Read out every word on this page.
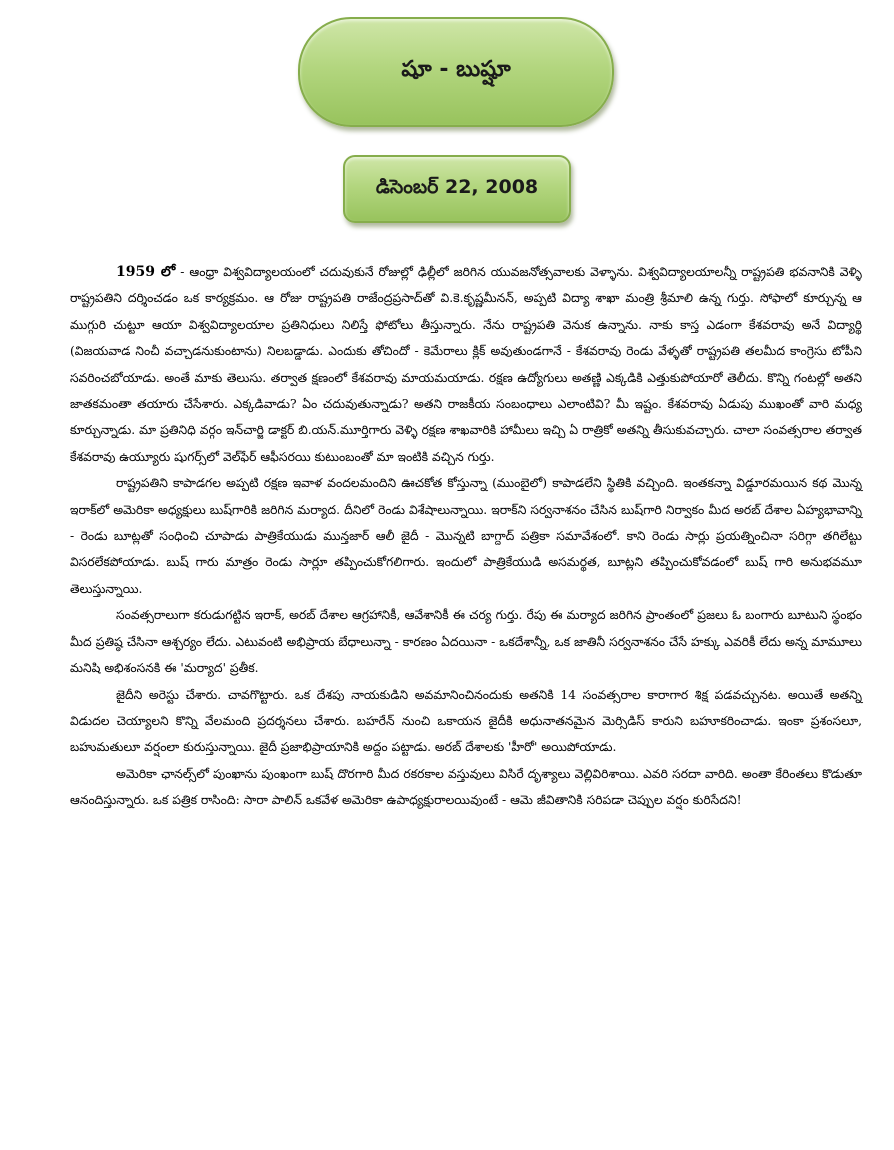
షూ - బుష్షూ
డిసెంబర్ 22, 2008

1959 లో - ఆంధ్రా విశ్వవిద్యాలయంలో చదువుకునే రోజుల్లో ఢిల్లీలో జరిగిన యువజనోత్సవాలకు వెళ్ళాను. విశ్వవిద్యాలయాలన్నీ రాష్ట్రపతి భవనానికి వెళ్ళి రాష్ట్రపతిని దర్శించడం ఒక కార్యక్రమం. ఆ రోజు రాష్ట్రపతి రాజేంద్రప్రసాద్‌తో వి.కె.కృష్ణమీనన్, అప్పటి విద్యా శాఖా మంత్రి శ్రీమాలి ఉన్న గుర్తు. సోఫాలో కూర్చున్న ఆ ముగ్గురి చుట్టూ ఆయా విశ్వవిద్యాలయాల ప్రతినిధులు నిలిస్తే ఫోటోలు తీస్తున్నారు. నేను రాష్ట్రపతి వెనుక ఉన్నాను. నాకు కాస్త ఎడంగా కేశవరావు అనే విద్యార్థి (విజయవాడ నించీ వచ్చాడనుకుంటాను) నిలబడ్డాడు. ఎందుకు తోచిందో - కెమేరాలు క్లిక్ అవుతుండగానే - కేశవరావు రెండు వేళ్ళతో రాష్ట్రపతి తలమీద కాంగ్రెసు టోపీని సవరించబోయాడు. అంతే మాకు తెలుసు. తర్వాత క్షణంలో కేశవరావు మాయమయాడు. రక్షణ ఉద్యోగులు అతణ్ణి ఎక్కడికి ఎత్తుకుపోయారో తెలీదు. కొన్ని గంటల్లో అతని జాతకమంతా తయారు చేసేశారు. ఎక్కడివాడు? ఏం చదువుతున్నాడు? అతని రాజకీయ సంబంధాలు ఎలాంటివి? మీ ఇష్టం. కేశవరావు ఏడుపు ముఖంతో వారి మధ్య కూర్చున్నాడు. మా ప్రతినిధి వర్గం ఇన్‌చార్జి డాక్టర్ బి.యన్.మూర్తిగారు వెళ్ళి రక్షణ శాఖవారికి హామీలు ఇచ్చి ఏ రాత్రికో అతన్ని తీసుకువచ్చారు. చాలా సంవత్సరాల తర్వాత కేశవరావు ఉయ్యూరు షుగర్స్‌లో వెల్‌ఫేర్ ఆఫీసరయి కుటుంబంతో మా ఇంటికి వచ్చిన గుర్తు.

రాష్ట్రపతిని కాపాడగల అప్పటి రక్షణ ఇవాళ వందలమందిని ఊచకోత కోస్తున్నా (ముంబైలో) కాపాడలేని స్థితికి వచ్చింది. ఇంతకన్నా విడ్డూరమయిన కథ మొన్న ఇరాక్‌లో అమెరికా అధ్యక్షులు బుష్‌గారికి జరిగిన మర్యాద. దీనిలో రెండు విశేషాలున్నాయి. ఇరాక్‌ని సర్వనాశనం చేసిన బుష్‌గారి నిర్వాకం మీద అరబ్ దేశాల ఏహ్యభావాన్ని - రెండు బూట్లతో సంధించి చూపాడు పాత్రికేయుడు మున్తజార్ ఆలీ జైదీ - మొన్నటి బాగ్దాద్ పత్రికా సమావేశంలో. కాని రెండు సార్లు ప్రయత్నించినా సరిగ్గా తగిలేట్టు విసరలేకపోయాడు. బుష్ గారు మాత్రం రెండు సార్లూ తప్పించుకోగలిగారు. ఇందులో పాత్రికేయుడి అసమర్థత, బూట్లని తప్పించుకోవడంలో బుష్ గారి అనుభవమూ తెలుస్తున్నాయి.

సంవత్సరాలుగా కరుడుగట్టిన ఇరాక్, అరబ్ దేశాల ఆగ్రహానికీ, ఆవేశానికీ ఈ చర్య గుర్తు. రేపు ఈ మర్యాద జరిగిన ప్రాంతంలో ప్రజలు ఓ బంగారు బూటుని స్థంభం మీద ప్రతిష్ఠ చేసినా ఆశ్చర్యం లేదు. ఎటువంటి అభిప్రాయ బేధాలున్నా - కారణం ఏదయినా - ఒకదేశాన్నీ, ఒక జాతినీ సర్వనాశనం చేసే హక్కు ఎవరికీ లేదు అన్న మామూలు మనిషి అభిశంసనకి ఈ 'మర్యాద' ప్రతీక.

జైదీని అరెస్టు చేశారు. చావగొట్టారు. ఒక దేశపు నాయకుడిని అవమానించినందుకు అతనికి 14 సంవత్సరాల కారాగార శిక్ష పడవచ్చునట. అయితే అతన్ని విడుదల చెయ్యాలని కొన్ని వేలమంది ప్రదర్శనలు చేశారు. బహరేన్ నుంచి ఒకాయన జైదీకి అధునాతనమైన మెర్సిడిస్ కారుని బహూకరించాడు. ఇంకా ప్రశంసలూ, బహుమతులూ వర్షంలా కురుస్తున్నాయి. జైదీ ప్రజాభిప్రాయానికి అద్దం పట్టాడు. అరబ్ దేశాలకు 'హీరో' అయిపోయాడు.

అమెరికా ఛానల్స్‌లో పుంఖాను పుంఖంగా బుష్ దొరగారి మీద రకరకాల వస్తువులు విసిరే దృశ్యాలు వెల్లివిరిశాయి. ఎవరి సరదా వారిది. అంతా కేరింతలు కొడుతూ ఆనందిస్తున్నారు. ఒక పత్రిక రాసింది: సారా పాలిన్ ఒకవేళ అమెరికా ఉపాధ్యక్షురాలయివుంటే - ఆమె జీవితానికి సరిపడా చెప్పుల వర్షం కురిసేదని!
